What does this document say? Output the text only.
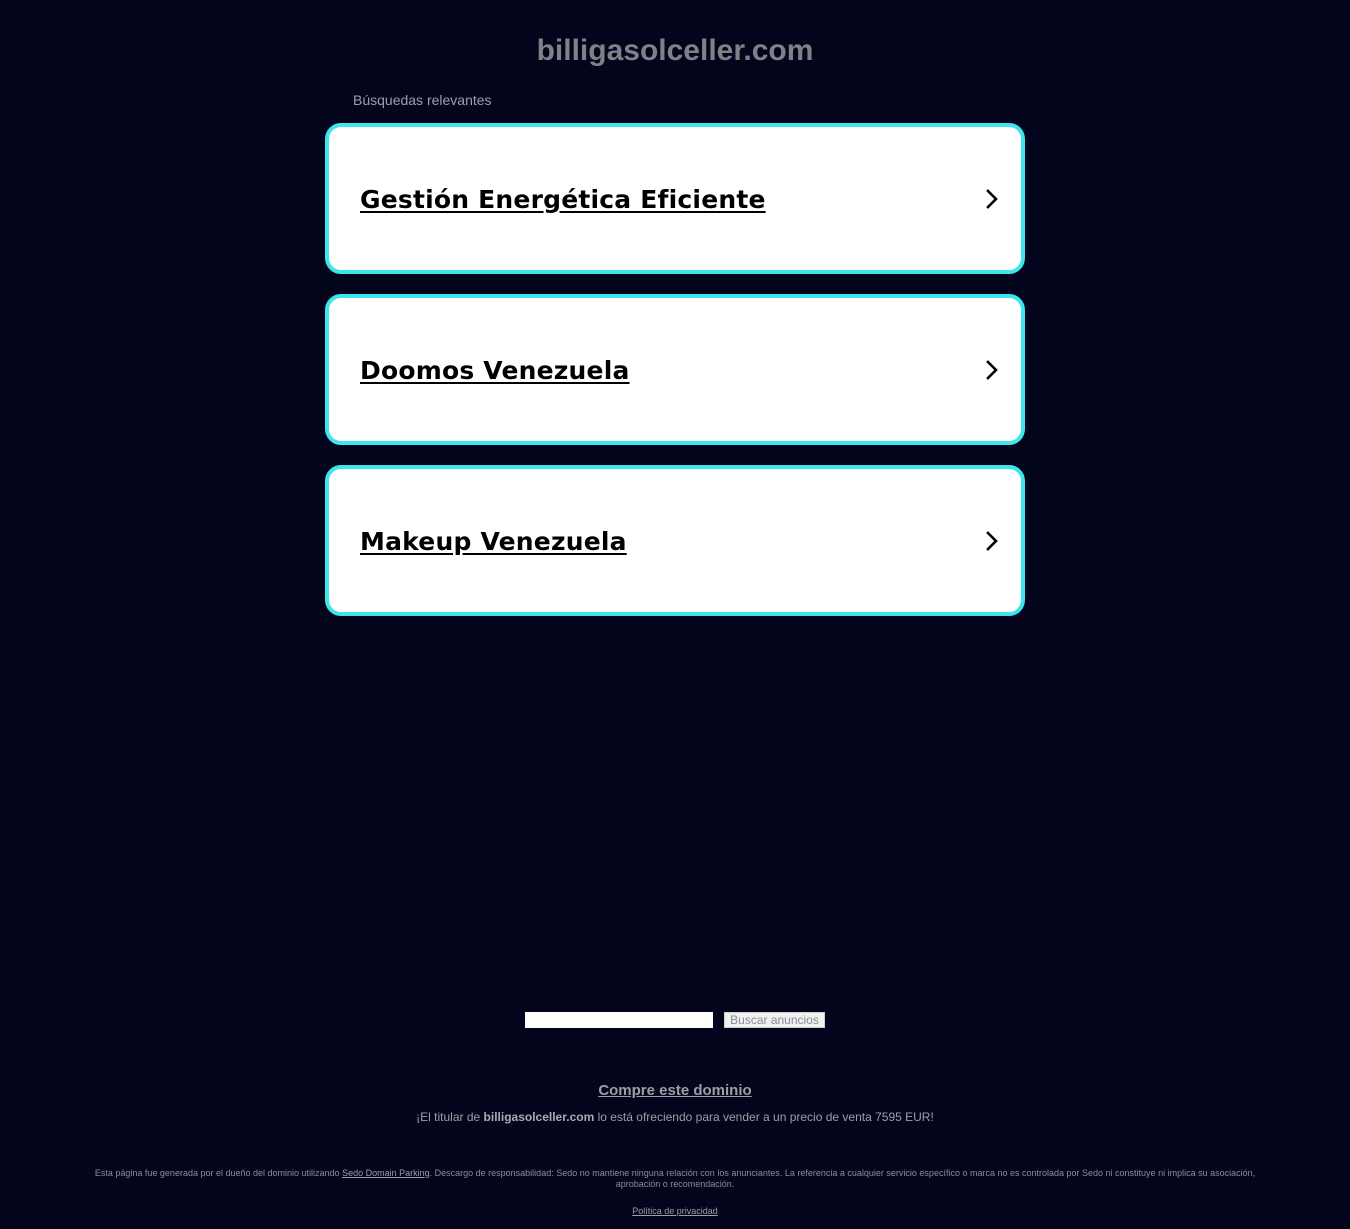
billigasolceller.com
Búsquedas relevantes
Gestión Energética Eficiente
Doomos Venezuela
Makeup Venezuela
Buscar anuncios
Compre este dominio
¡El titular de billigasolceller.com lo está ofreciendo para vender a un precio de venta 7595 EUR!
Esta página fue generada por el dueño del dominio utilizando Sedo Domain Parking. Descargo de responsabilidad: Sedo no mantiene ninguna relación con los anunciantes. La referencia a cualquier servicio específico o marca no es controlada por Sedo ni constituye ni implica su asociación, aprobación o recomendación.
Política de privacidad
